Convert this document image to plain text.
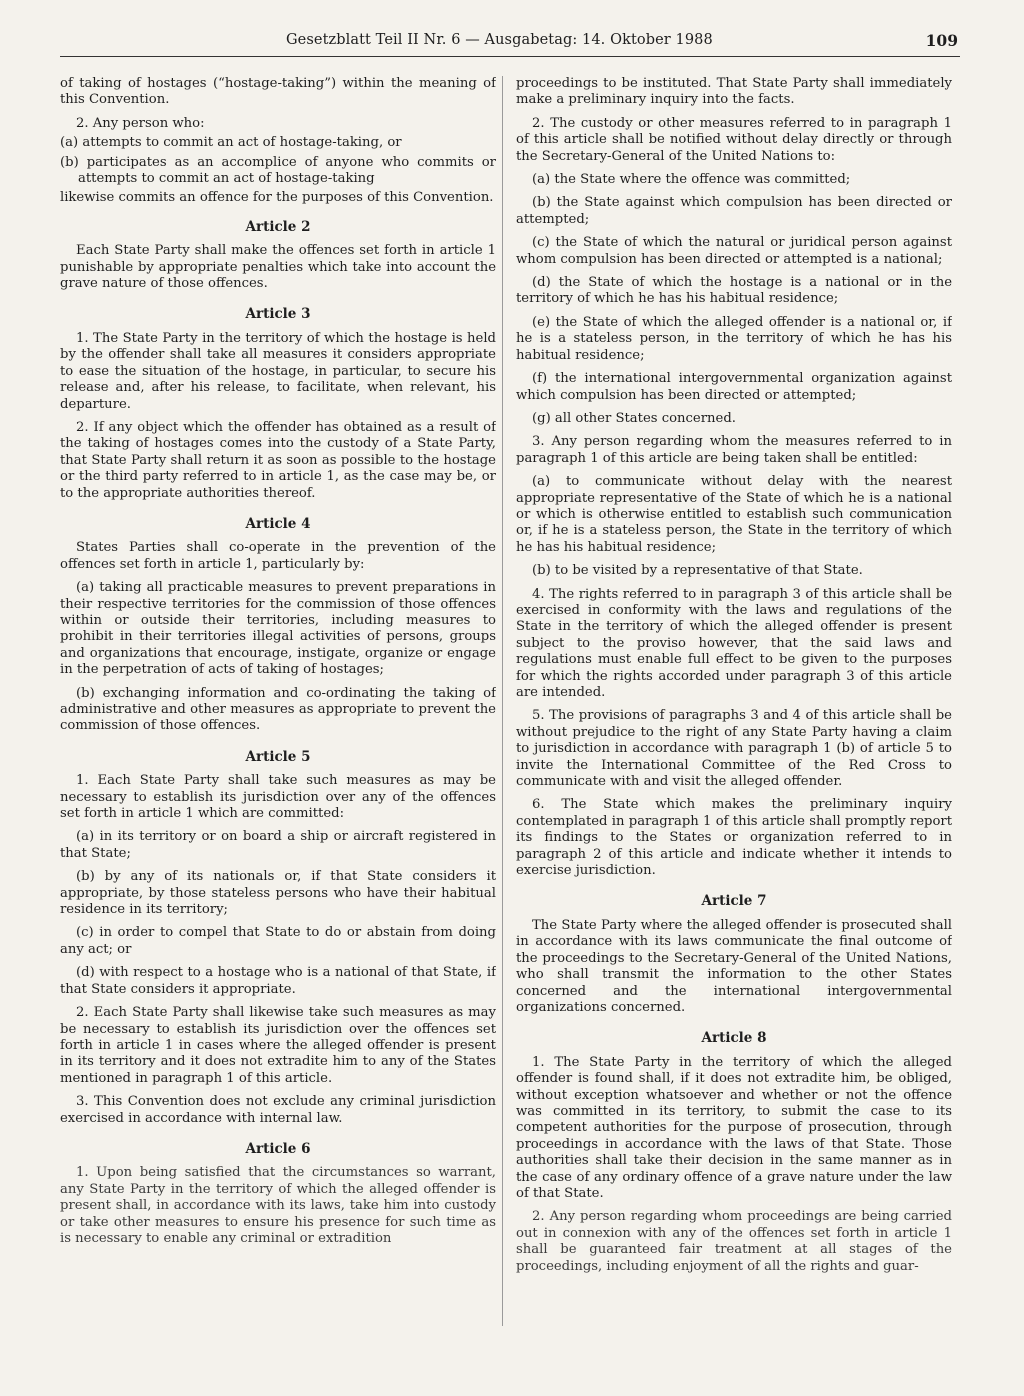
Gesetzblatt Teil II Nr. 6 — Ausgabetag: 14. Oktober 1988	109

of taking of hostages (“hostage-taking”) within the meaning of this Convention.

2. Any person who:

(a) attempts to commit an act of hostage-taking, or

(b) participates as an accomplice of anyone who commits or attempts to commit an act of hostage-taking

likewise commits an offence for the purposes of this Convention.

Article 2

Each State Party shall make the offences set forth in article 1 punishable by appropriate penalties which take into account the grave nature of those offences.

Article 3

1. The State Party in the territory of which the hostage is held by the offender shall take all measures it considers appropriate to ease the situation of the hostage, in particular, to secure his release and, after his release, to facilitate, when relevant, his departure.

2. If any object which the offender has obtained as a result of the taking of hostages comes into the custody of a State Party, that State Party shall return it as soon as possible to the hostage or the third party referred to in article 1, as the case may be, or to the appropriate authorities thereof.

Article 4

States Parties shall co-operate in the prevention of the offences set forth in article 1, particularly by:

(a) taking all practicable measures to prevent preparations in their respective territories for the commission of those offences within or outside their territories, including measures to prohibit in their territories illegal activities of persons, groups and organizations that encourage, instigate, organize or engage in the perpetration of acts of taking of hostages;

(b) exchanging information and co-ordinating the taking of administrative and other measures as appropriate to prevent the commission of those offences.

Article 5

1. Each State Party shall take such measures as may be necessary to establish its jurisdiction over any of the offences set forth in article 1 which are committed:

(a) in its territory or on board a ship or aircraft registered in that State;

(b) by any of its nationals or, if that State considers it appropriate, by those stateless persons who have their habitual residence in its territory;

(c) in order to compel that State to do or abstain from doing any act; or

(d) with respect to a hostage who is a national of that State, if that State considers it appropriate.

2. Each State Party shall likewise take such measures as may be necessary to establish its jurisdiction over the offences set forth in article 1 in cases where the alleged offender is present in its territory and it does not extradite him to any of the States mentioned in paragraph 1 of this article.

3. This Convention does not exclude any criminal jurisdiction exercised in accordance with internal law.

Article 6

1. Upon being satisfied that the circumstances so warrant, any State Party in the territory of which the alleged offender is present shall, in accordance with its laws, take him into custody or take other measures to ensure his presence for such time as is necessary to enable any criminal or extradition

proceedings to be instituted. That State Party shall immediately make a preliminary inquiry into the facts.

2. The custody or other measures referred to in paragraph 1 of this article shall be notified without delay directly or through the Secretary-General of the United Nations to:

(a) the State where the offence was committed;

(b) the State against which compulsion has been directed or attempted;

(c) the State of which the natural or juridical person against whom compulsion has been directed or attempted is a national;

(d) the State of which the hostage is a national or in the territory of which he has his habitual residence;

(e) the State of which the alleged offender is a national or, if he is a stateless person, in the territory of which he has his habitual residence;

(f) the international intergovernmental organization against which compulsion has been directed or attempted;

(g) all other States concerned.

3. Any person regarding whom the measures referred to in paragraph 1 of this article are being taken shall be entitled:

(a) to communicate without delay with the nearest appropriate representative of the State of which he is a national or which is otherwise entitled to establish such communication or, if he is a stateless person, the State in the territory of which he has his habitual residence;

(b) to be visited by a representative of that State.

4. The rights referred to in paragraph 3 of this article shall be exercised in conformity with the laws and regulations of the State in the territory of which the alleged offender is present subject to the proviso however, that the said laws and regulations must enable full effect to be given to the purposes for which the rights accorded under paragraph 3 of this article are intended.

5. The provisions of paragraphs 3 and 4 of this article shall be without prejudice to the right of any State Party having a claim to jurisdiction in accordance with paragraph 1 (b) of article 5 to invite the International Committee of the Red Cross to communicate with and visit the alleged offender.

6. The State which makes the preliminary inquiry contemplated in paragraph 1 of this article shall promptly report its findings to the States or organization referred to in paragraph 2 of this article and indicate whether it intends to exercise jurisdiction.

Article 7

The State Party where the alleged offender is prosecuted shall in accordance with its laws communicate the final outcome of the proceedings to the Secretary-General of the United Nations, who shall transmit the information to the other States concerned and the international intergovernmental organizations concerned.

Article 8

1. The State Party in the territory of which the alleged offender is found shall, if it does not extradite him, be obliged, without exception whatsoever and whether or not the offence was committed in its territory, to submit the case to its competent authorities for the purpose of prosecution, through proceedings in accordance with the laws of that State. Those authorities shall take their decision in the same manner as in the case of any ordinary offence of a grave nature under the law of that State.

2. Any person regarding whom proceedings are being carried out in connexion with any of the offences set forth in article 1 shall be guaranteed fair treatment at all stages of the proceedings, including enjoyment of all the rights and guar-
